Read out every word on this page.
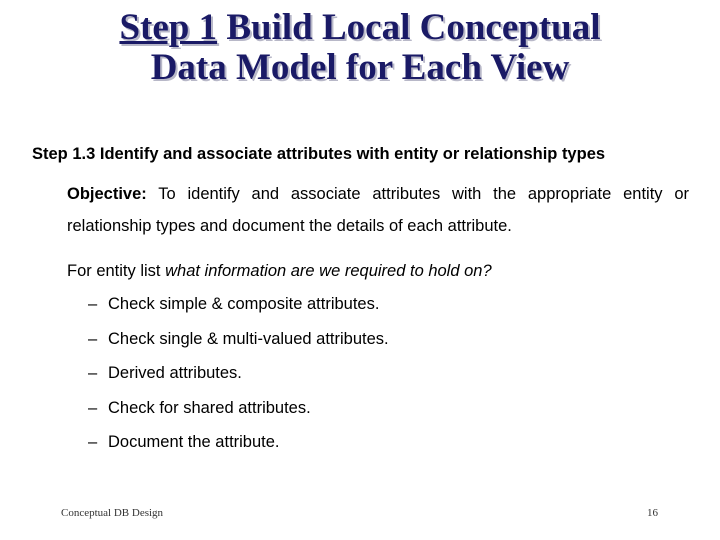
Step 1 Build Local Conceptual
Data Model for Each View
Step 1.3 Identify and associate attributes with entity or relationship types
Objective: To identify and associate attributes with the appropriate entity or relationship types and document the details of each attribute.
For entity list what information are we required to hold on?
– Check simple & composite attributes.
– Check single & multi-valued attributes.
– Derived attributes.
– Check for shared attributes.
– Document the attribute.
Conceptual DB Design	16
